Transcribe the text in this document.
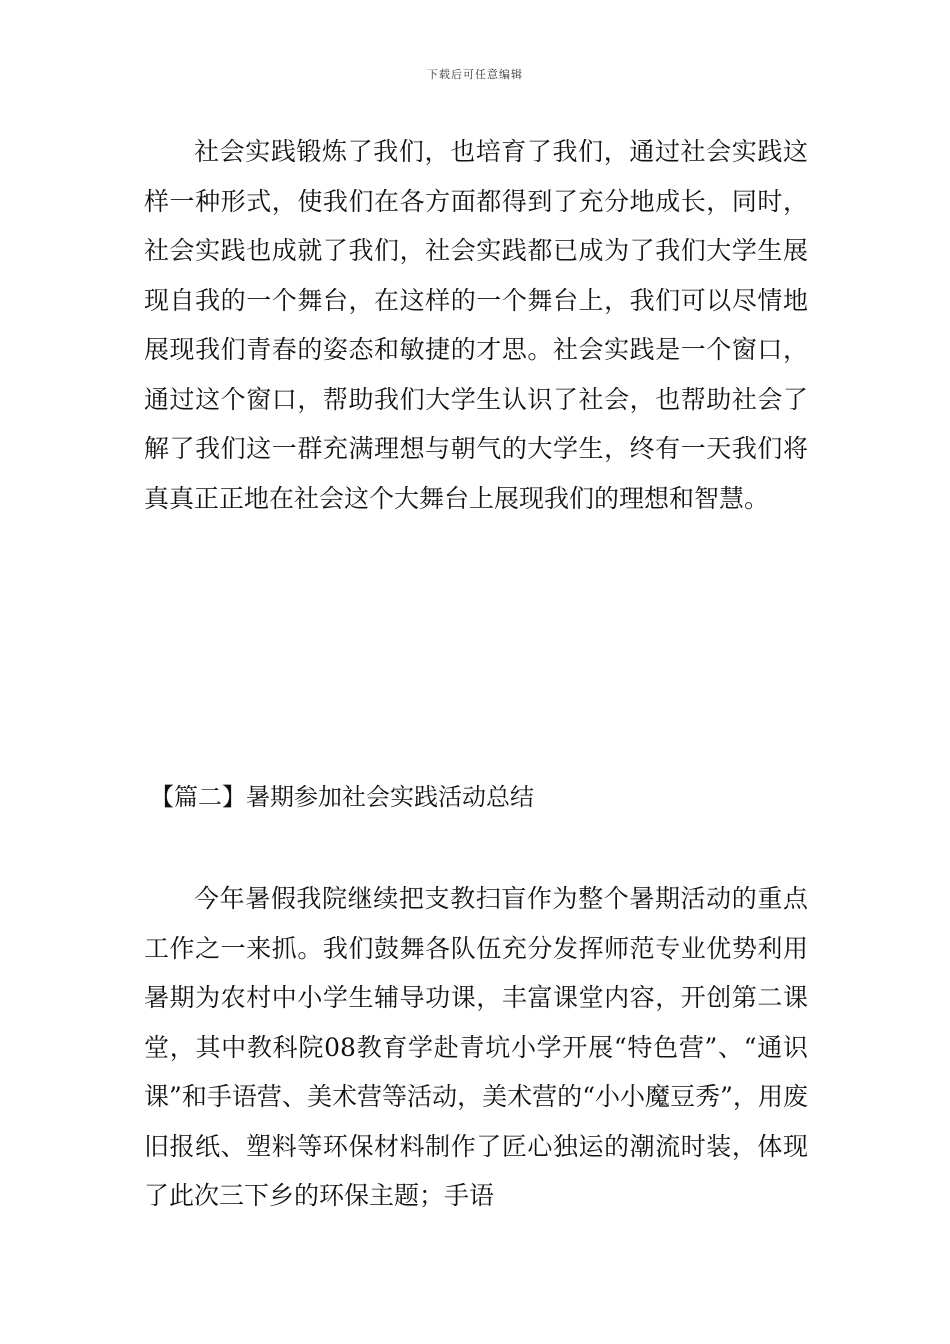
下载后可任意编辑

社会实践锻炼了我们，也培育了我们，通过社会实践这样一种形式，使我们在各方面都得到了充分地成长，同时，社会实践也成就了我们，社会实践都已成为了我们大学生展现自我的一个舞台，在这样的一个舞台上，我们可以尽情地展现我们青春的姿态和敏捷的才思。社会实践是一个窗口，通过这个窗口，帮助我们大学生认识了社会，也帮助社会了解了我们这一群充满理想与朝气的大学生，终有一天我们将真真正正地在社会这个大舞台上展现我们的理想和智慧。

【篇二】暑期参加社会实践活动总结

今年暑假我院继续把支教扫盲作为整个暑期活动的重点工作之一来抓。我们鼓舞各队伍充分发挥师范专业优势利用暑期为农村中小学生辅导功课，丰富课堂内容，开创第二课堂，其中教科院08教育学赴青坑小学开展“特色营”、“通识课”和手语营、美术营等活动，美术营的“小小魔豆秀”，用废旧报纸、塑料等环保材料制作了匠心独运的潮流时装，体现了此次三下乡的环保主题；手语
